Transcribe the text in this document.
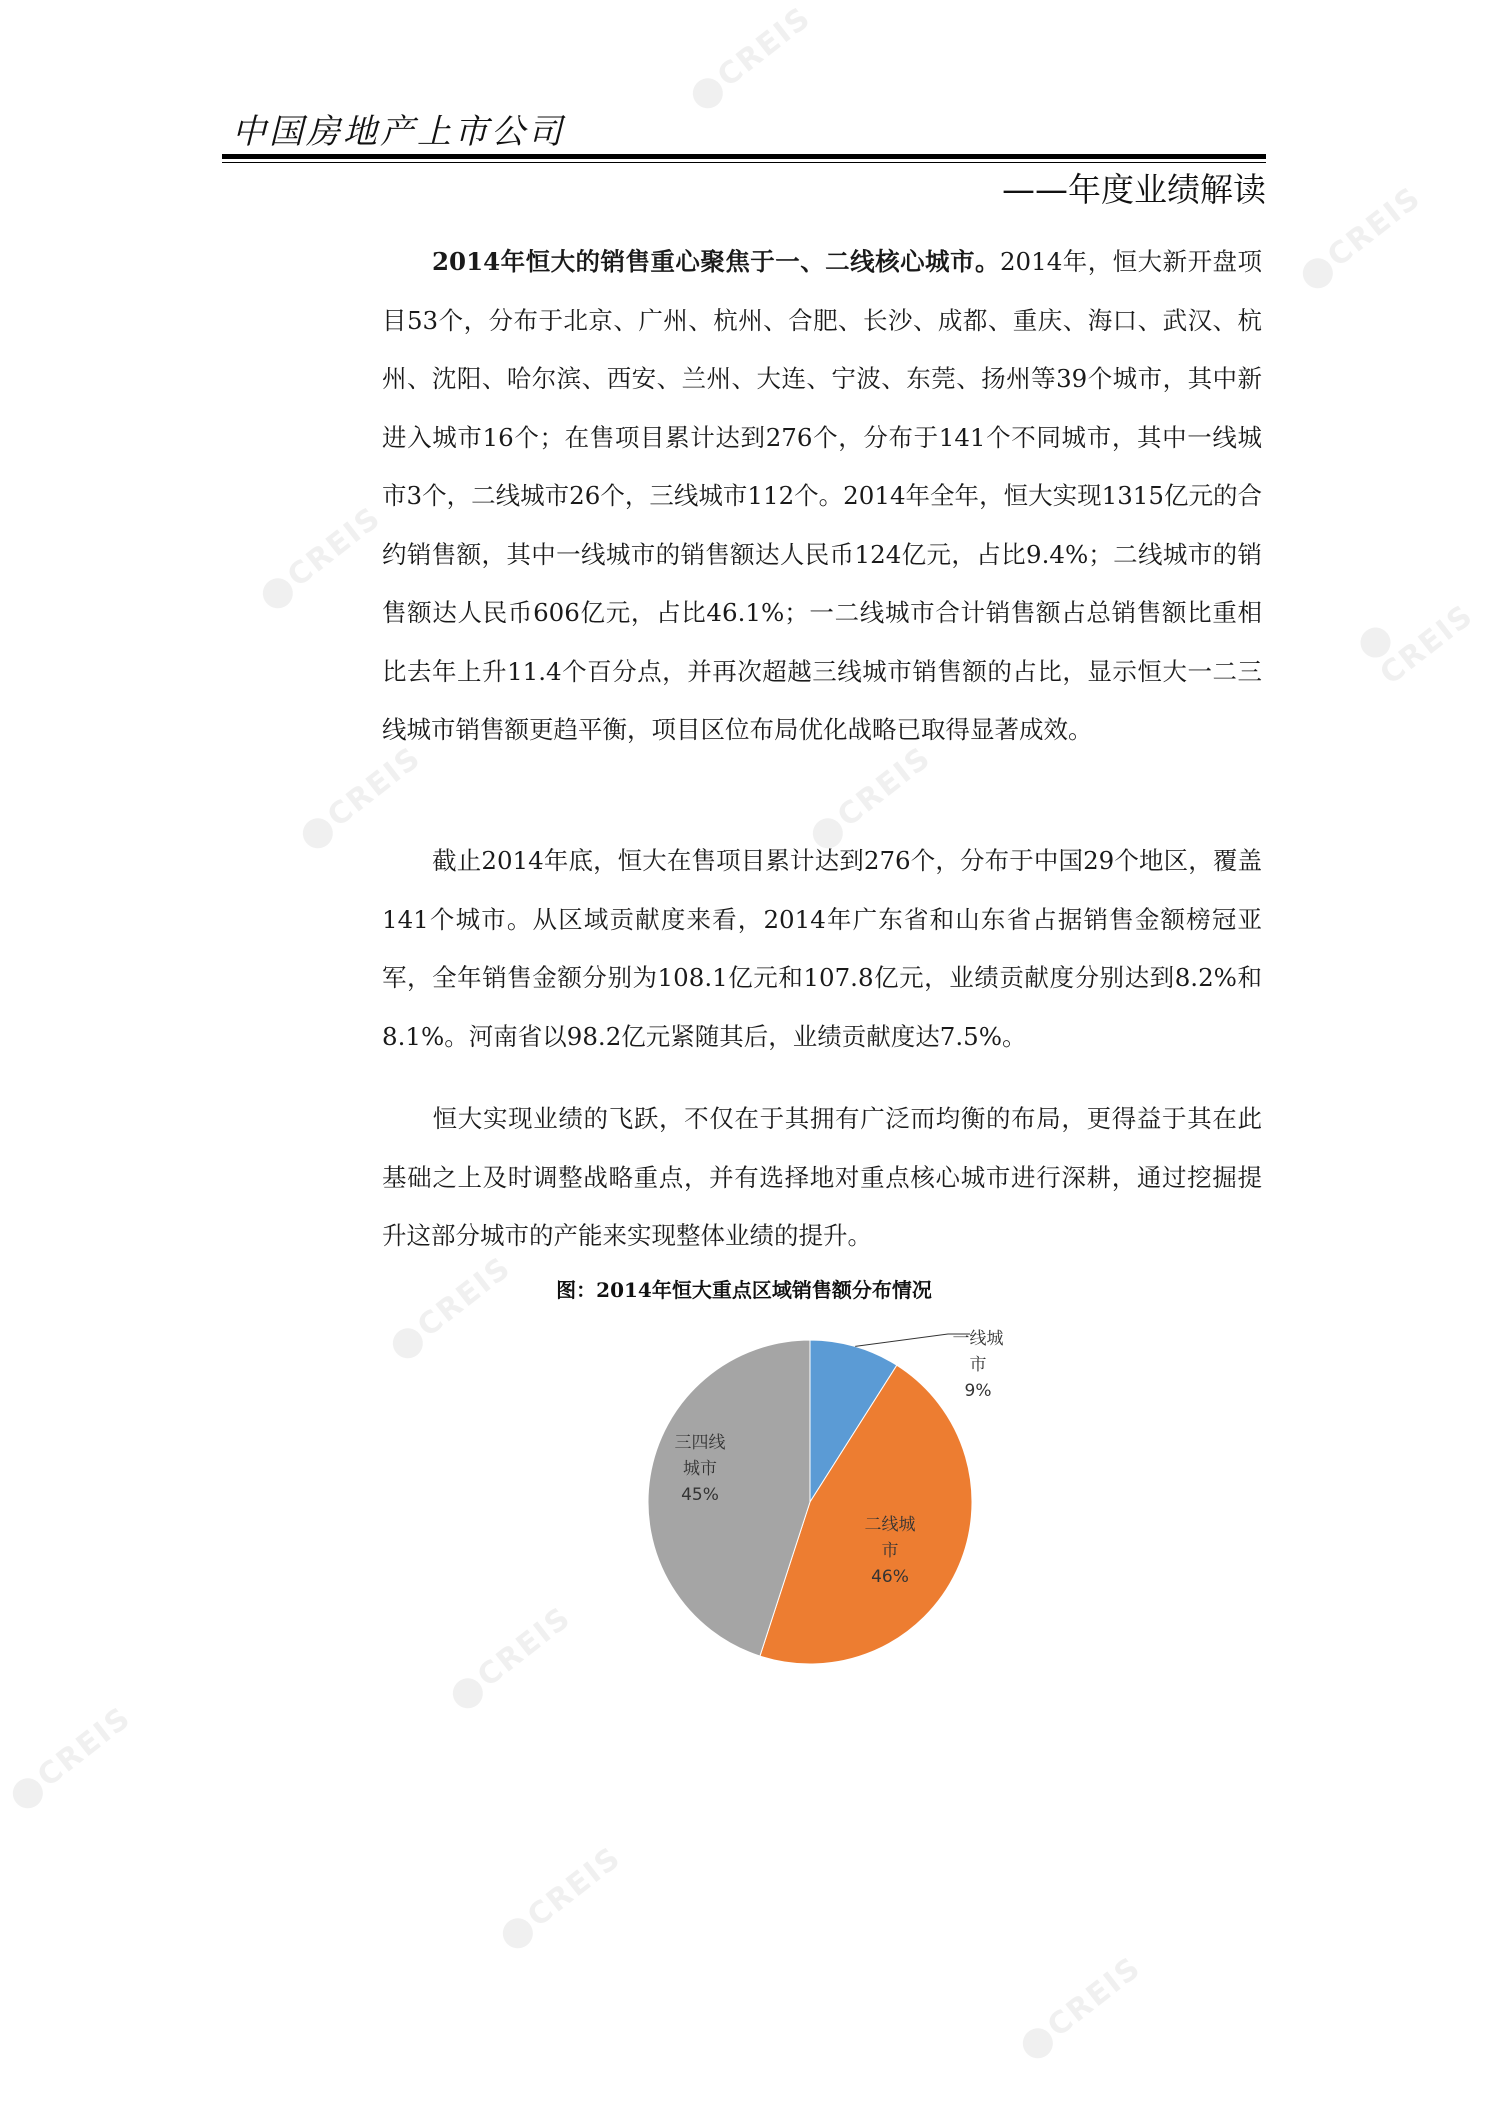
中国房地产上市公司
——年度业绩解读

2014年恒大的销售重心聚焦于一、二线核心城市。2014年，恒大新开盘项目53个，分布于北京、广州、杭州、合肥、长沙、成都、重庆、海口、武汉、杭州、沈阳、哈尔滨、西安、兰州、大连、宁波、东莞、扬州等39个城市，其中新进入城市16个；在售项目累计达到276个，分布于141个不同城市，其中一线城市3个，二线城市26个，三线城市112个。2014年全年，恒大实现1315亿元的合约销售额，其中一线城市的销售额达人民币124亿元，占比9.4%；二线城市的销售额达人民币606亿元，占比46.1%；一二线城市合计销售额占总销售额比重相比去年上升11.4个百分点，并再次超越三线城市销售额的占比，显示恒大一二三线城市销售额更趋平衡，项目区位布局优化战略已取得显著成效。

截止2014年底，恒大在售项目累计达到276个，分布于中国29个地区，覆盖141个城市。从区域贡献度来看，2014年广东省和山东省占据销售金额榜冠亚军，全年销售金额分别为108.1亿元和107.8亿元，业绩贡献度分别达到8.2%和8.1%。河南省以98.2亿元紧随其后，业绩贡献度达7.5%。

恒大实现业绩的飞跃，不仅在于其拥有广泛而均衡的布局，更得益于其在此基础之上及时调整战略重点，并有选择地对重点核心城市进行深耕，通过挖掘提升这部分城市的产能来实现整体业绩的提升。

图：2014年恒大重点区域销售额分布情况
一线城市 9%
二线城市 46%
三四线城市 45%
CREIS
CREIS
CREIS
CREIS
CREIS	CREIS
CREIS
CREIS
CREIS
CREIS
CREIS
